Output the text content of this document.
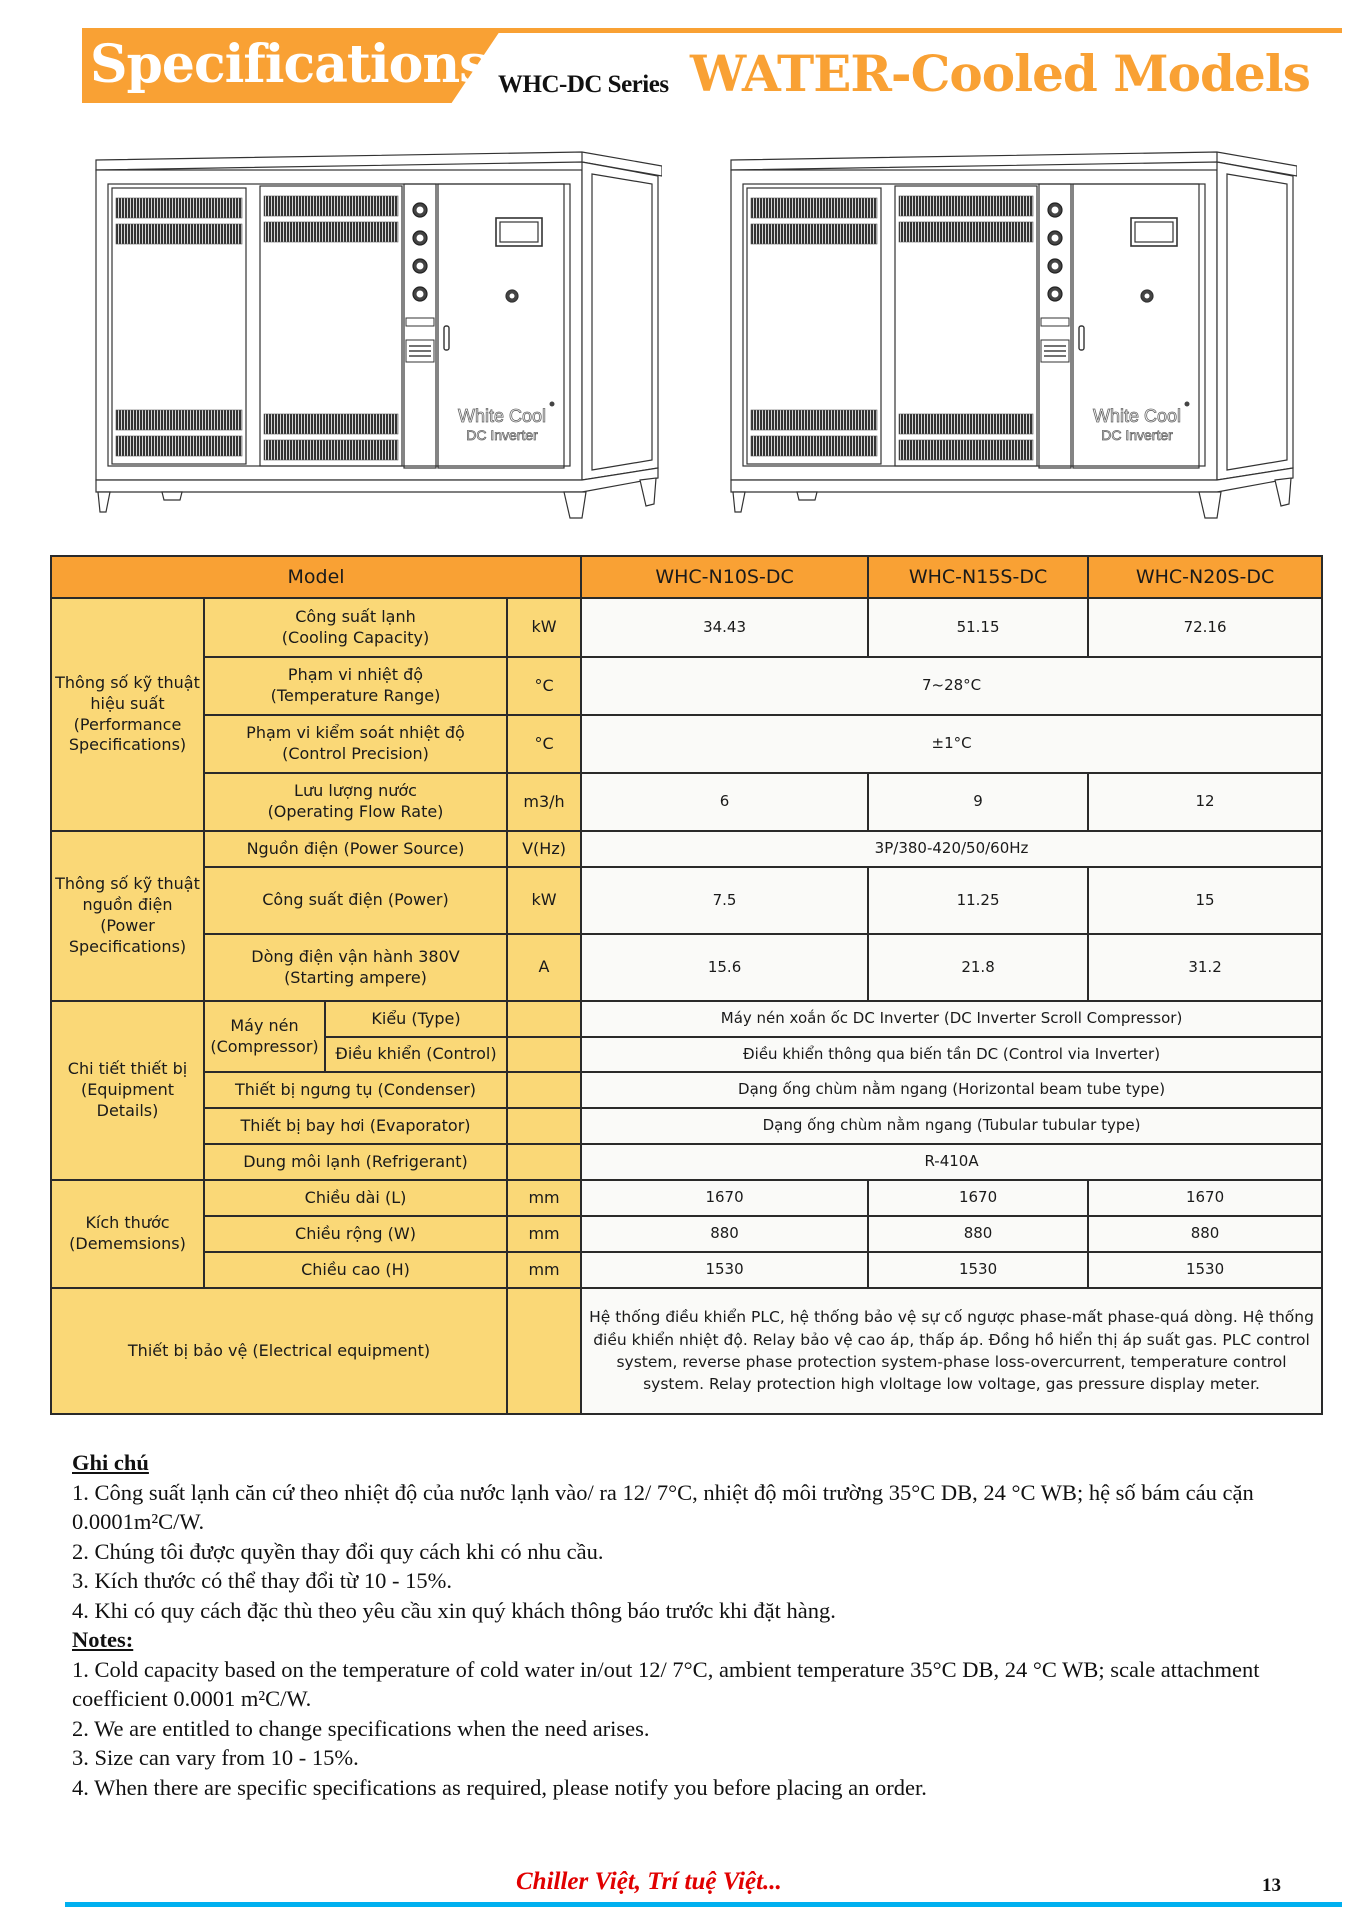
Specifications WHC-DC Series WATER-Cooled Models
White Cool
DC Inverter
White Cool
DC Inverter
Model				WHC-N10S-DC	WHC-N15S-DC	WHC-N20S-DC
Thông số kỹ thuật hiệu suất (Performance Specifications)	Công suất lạnh
(Cooling Capacity)		kW	34.43	51.15	72.16
	Phạm vi nhiệt độ
(Temperature Range)		°C	7~28°C		
	Phạm vi kiểm soát nhiệt độ
(Control Precision)		°C	±1°C		
	Lưu lượng nước
(Operating Flow Rate)		m3/h	6	9	12
Thông số kỹ thuật nguồn điện (Power Specifications)	Nguồn điện (Power Source)		V(Hz)	3P/380-420/50/60Hz		
	Công suất điện (Power)		kW	7.5	11.25	15
	Dòng điện vận hành 380V
(Starting ampere)		A	15.6	21.8	31.2
Chi tiết thiết bị (Equipment Details)	Máy nén (Compressor)	Kiểu (Type)		Máy nén xoắn ốc DC Inverter (DC Inverter Scroll Compressor)		
		Điều khiển (Control)		Điều khiển thông qua biến tần DC (Control via Inverter)		
	Thiết bị ngưng tụ (Condenser)			Dạng ống chùm nằm ngang (Horizontal beam tube type)		
	Thiết bị bay hơi (Evaporator)			Dạng ống chùm nằm ngang (Tubular tubular type)		
	Dung môi lạnh (Refrigerant)			R-410A		
Kích thước (Dememsions)	Chiều dài (L)		mm	1670	1670	1670
	Chiều rộng (W)		mm	880	880	880
	Chiều cao (H)		mm	1530	1530	1530
Thiết bị bảo vệ (Electrical equipment)				Hệ thống điều khiển PLC, hệ thống bảo vệ sự cố ngược phase-mất phase-quá dòng. Hệ thống điều khiển nhiệt độ. Relay bảo vệ cao áp, thấp áp. Đồng hồ hiển thị áp suất gas. PLC control system, reverse phase protection system-phase loss-overcurrent, temperature control system. Relay protection high vloltage low voltage, gas pressure display meter.		

Ghi chú

1. Công suất lạnh căn cứ theo nhiệt độ của nước lạnh vào/ ra 12/ 7°C, nhiệt độ môi trường 35°C DB, 24 °C WB; hệ số bám cáu cặn 0.0001m²C/W.

2. Chúng tôi được quyền thay đổi quy cách khi có nhu cầu.

3. Kích thước có thể thay đổi từ 10 - 15%.

4. Khi có quy cách đặc thù theo yêu cầu xin quý khách thông báo trước khi đặt hàng.

Notes:

1. Cold capacity based on the temperature of cold water in/out 12/ 7°C, ambient temperature 35°C DB, 24 °C WB; scale attachment coefficient 0.0001 m²C/W.

2. We are entitled to change specifications when the need arises.

3. Size can vary from 10 - 15%.

4. When there are specific specifications as required, please notify you before placing an order.

Chiller Việt, Trí tuệ Việt...	13
